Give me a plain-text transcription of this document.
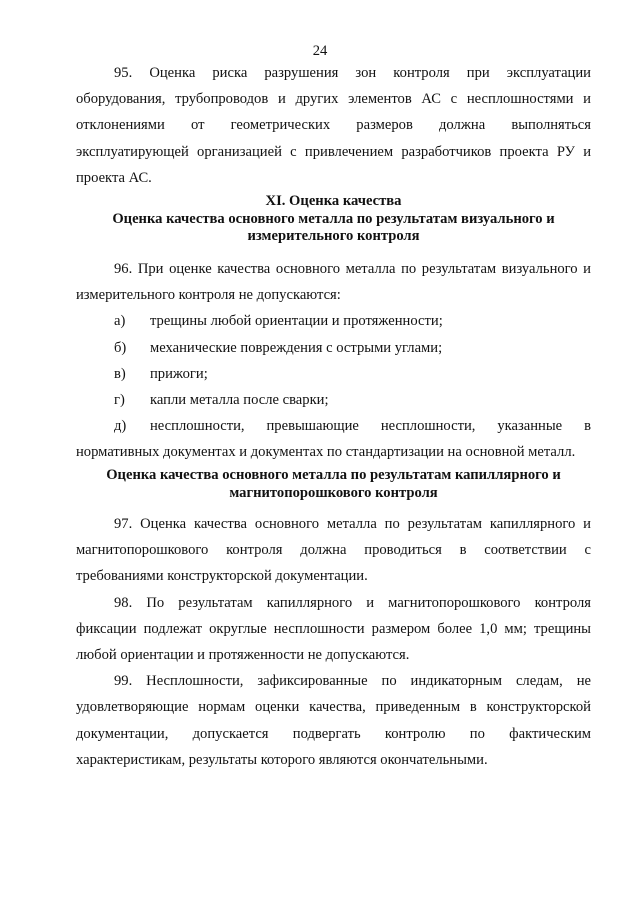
24

95. Оценка риска разрушения зон контроля при эксплуатации

оборудования, трубопроводов и других элементов АС с несплошностями и

отклонениями от геометрических размеров должна выполняться

эксплуатирующей организацией с привлечением разработчиков проекта РУ и

проекта АС.

XI. Оценка качества

Оценка качества основного металла по результатам визуального и

измерительного контроля

96. При оценке качества основного металла по результатам визуального и

измерительного контроля не допускаются:

а)	трещины любой ориентации и протяженности;
б)	механические повреждения с острыми углами;
в)	прижоги;
г)	капли металла после сварки;
д)	несплошности, превышающие несплошности, указанные в

нормативных документах и документах по стандартизации на основной металл.

Оценка качества основного металла по результатам капиллярного и

магнитопорошкового контроля

97. Оценка качества основного металла по результатам капиллярного и

магнитопорошкового контроля должна проводиться в соответствии с

требованиями конструкторской документации.

98. По результатам капиллярного и магнитопорошкового контроля

фиксации подлежат округлые несплошности размером более 1,0 мм; трещины

любой ориентации и протяженности не допускаются.

99. Несплошности, зафиксированные по индикаторным следам, не

удовлетворяющие нормам оценки качества, приведенным в конструкторской

документации, допускается подвергать контролю по фактическим

характеристикам, результаты которого являются окончательными.
